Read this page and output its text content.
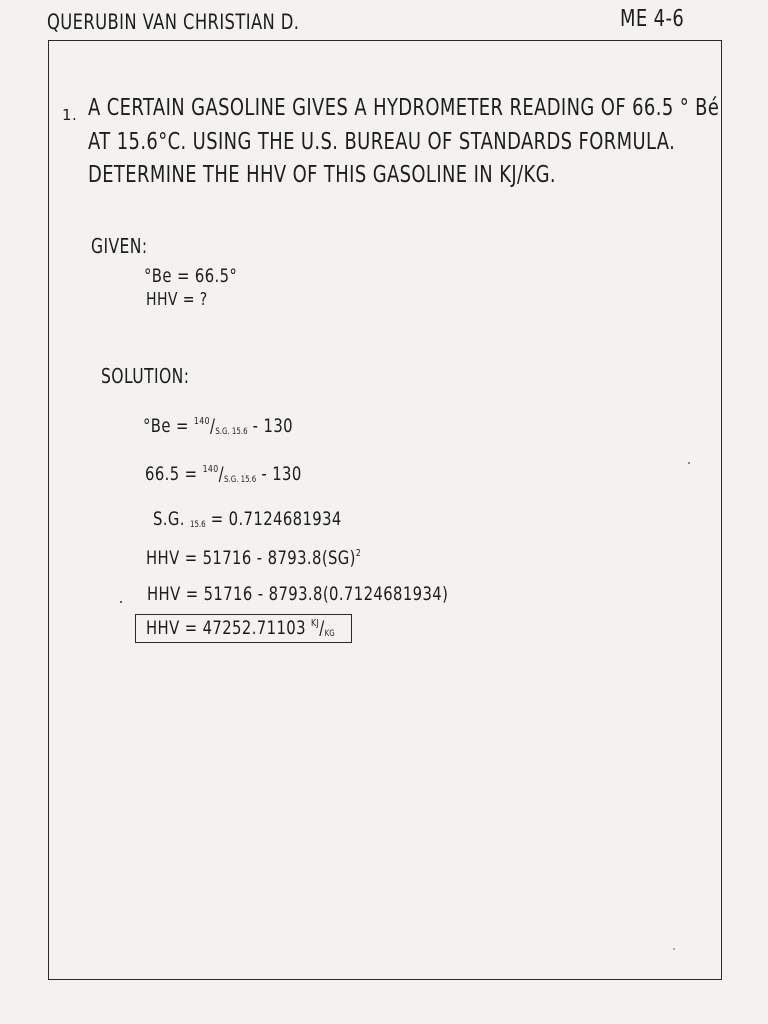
QUERUBIN VAN CHRISTIAN D.	ME 4-6
1. A CERTAIN GASOLINE GIVES A HYDROMETER READING OF 66.5 ° Bé
AT 15.6°C. USING THE U.S. BUREAU OF STANDARDS FORMULA.
DETERMINE THE HHV OF THIS GASOLINE IN KJ/KG.
GIVEN:
°Be = 66.5°
HHV = ?
SOLUTION:
$^\circ Be = ^{140}/_{S.G. 15.6} - 130$
$66.5 = ^{140}/_{S.G. 15.6} - 130$
S.G. $_{15.6}$ = 0.7124681934
HHV = 51716 - 8793.8(SG)$^2$
HHV = 51716 - 8793.8(0.7124681934)
HHV = 47252.71103 $^{KJ}/_{KG}$
